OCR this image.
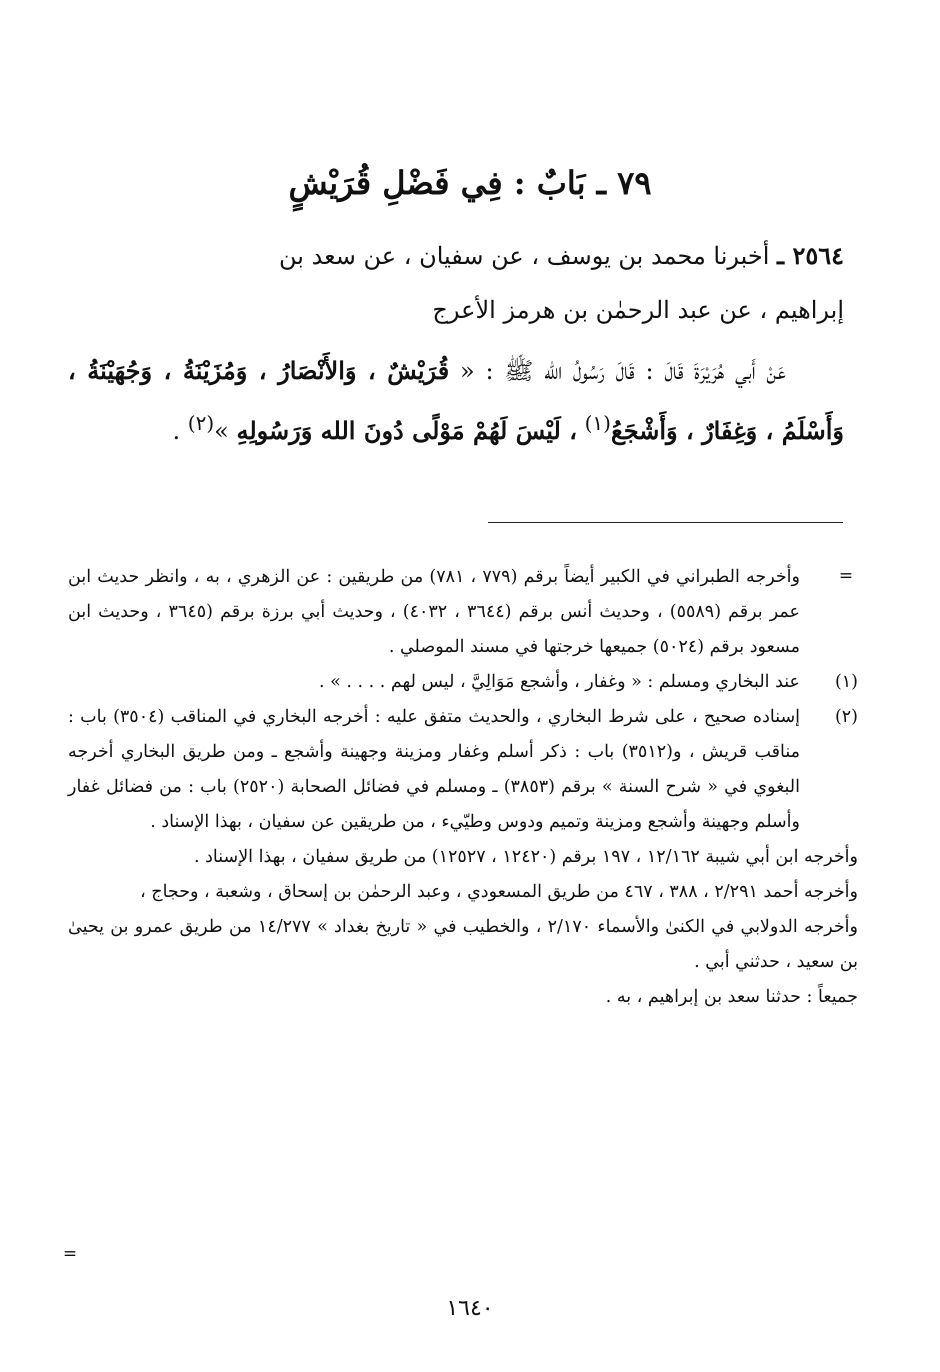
٧٩ ـ بَابٌ : فِي فَضْلِ قُرَيْشٍ
٢٥٦٤ ـ أخبرنا محمد بن يوسف ، عن سفيان ، عن سعد بن
إبراهيم ، عن عبد الرحمٰن بن هرمز الأعرج
عَنْ أَبي هُرَيْرَةَ قَالَ : قَالَ رَسُولُ الله ﷺ : « قُرَيْشٌ ، وَالأَنْصَارُ ، وَمُزَيْنَةُ ، وَجُهَيْنَةُ ، وَأَسْلَمُ ، وَغِفَارٌ ، وَأَشْجَعُ$^{(١)}$ ، لَيْسَ لَهُمْ مَوْلًى دُونَ الله وَرَسُولِهِ »$^{(٢)}$ .
=
وأخرجه الطبراني في الكبير أيضاً برقم (٧٧٩ ، ٧٨١) من طريقين : عن الزهري ، به ، وانظر حديث ابن عمر برقم (٥٥٨٩) ، وحديث أنس برقم (٣٦٤٤ ، ٤٠٣٢) ، وحديث أبي برزة برقم (٣٦٤٥ ، وحديث ابن مسعود برقم (٥٠٢٤) جميعها خرجتها في مسند الموصلي .
(١)
عند البخاري ومسلم : « وغفار ، وأشجع مَوَالِيَّ ، ليس لهم . . . . » .
(٢)
إسناده صحيح ، على شرط البخاري ، والحديث متفق عليه : أخرجه البخاري في المناقب (٣٥٠٤) باب : مناقب قريش ، و(٣٥١٢) باب : ذكر أسلم وغفار ومزينة وجهينة وأشجع ـ ومن طريق البخاري أخرجه البغوي في « شرح السنة » برقم (٣٨٥٣) ـ ومسلم في فضائل الصحابة (٢٥٢٠) باب : من فضائل غفار وأسلم وجهينة وأشجع ومزينة وتميم ودوس وطيّيء ، من طريقين عن سفيان ، بهذا الإسناد .
وأخرجه ابن أبي شيبة ١٢/١٦٢ ، ١٩٧ برقم (١٢٤٢٠ ، ١٢٥٢٧) من طريق سفيان ، بهذا الإسناد .
وأخرجه أحمد ٢/٢٩١ ، ٣٨٨ ، ٤٦٧ من طريق المسعودي ، وعبد الرحمٰن بن إسحاق ، وشعبة ، وحجاج ،
وأخرجه الدولابي في الكنىٰ والأسماء ٢/١٧٠ ، والخطيب في « تاريخ بغداد » ١٤/٢٧٧ من طريق عمرو بن يحيىٰ بن سعيد ، حدثني أبي .
جميعاً : حدثنا سعد بن إبراهيم ، به .
=
١٦٤٠
